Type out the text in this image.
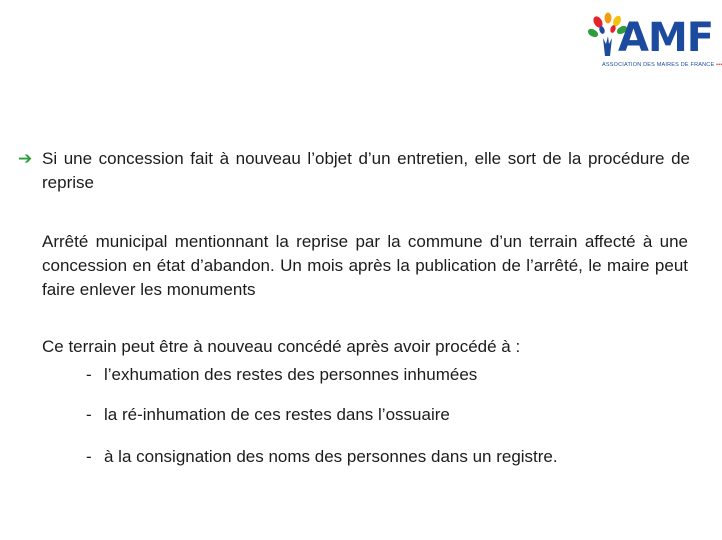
AMF
ASSOCIATION DES MAIRES DE FRANCE •••
➔ Si une concession fait à nouveau l’objet d’un entretien, elle sort de la procédure de reprise
Arrêté municipal mentionnant la reprise par la commune d’un terrain affecté à une concession en état d’abandon. Un mois après la publication de l’arrêté, le maire peut faire enlever les monuments
Ce terrain peut être à nouveau concédé après avoir procédé à :
- l’exhumation des restes des personnes inhumées
- la ré-inhumation de ces restes dans l’ossuaire
- à la consignation des noms des personnes dans un registre.
